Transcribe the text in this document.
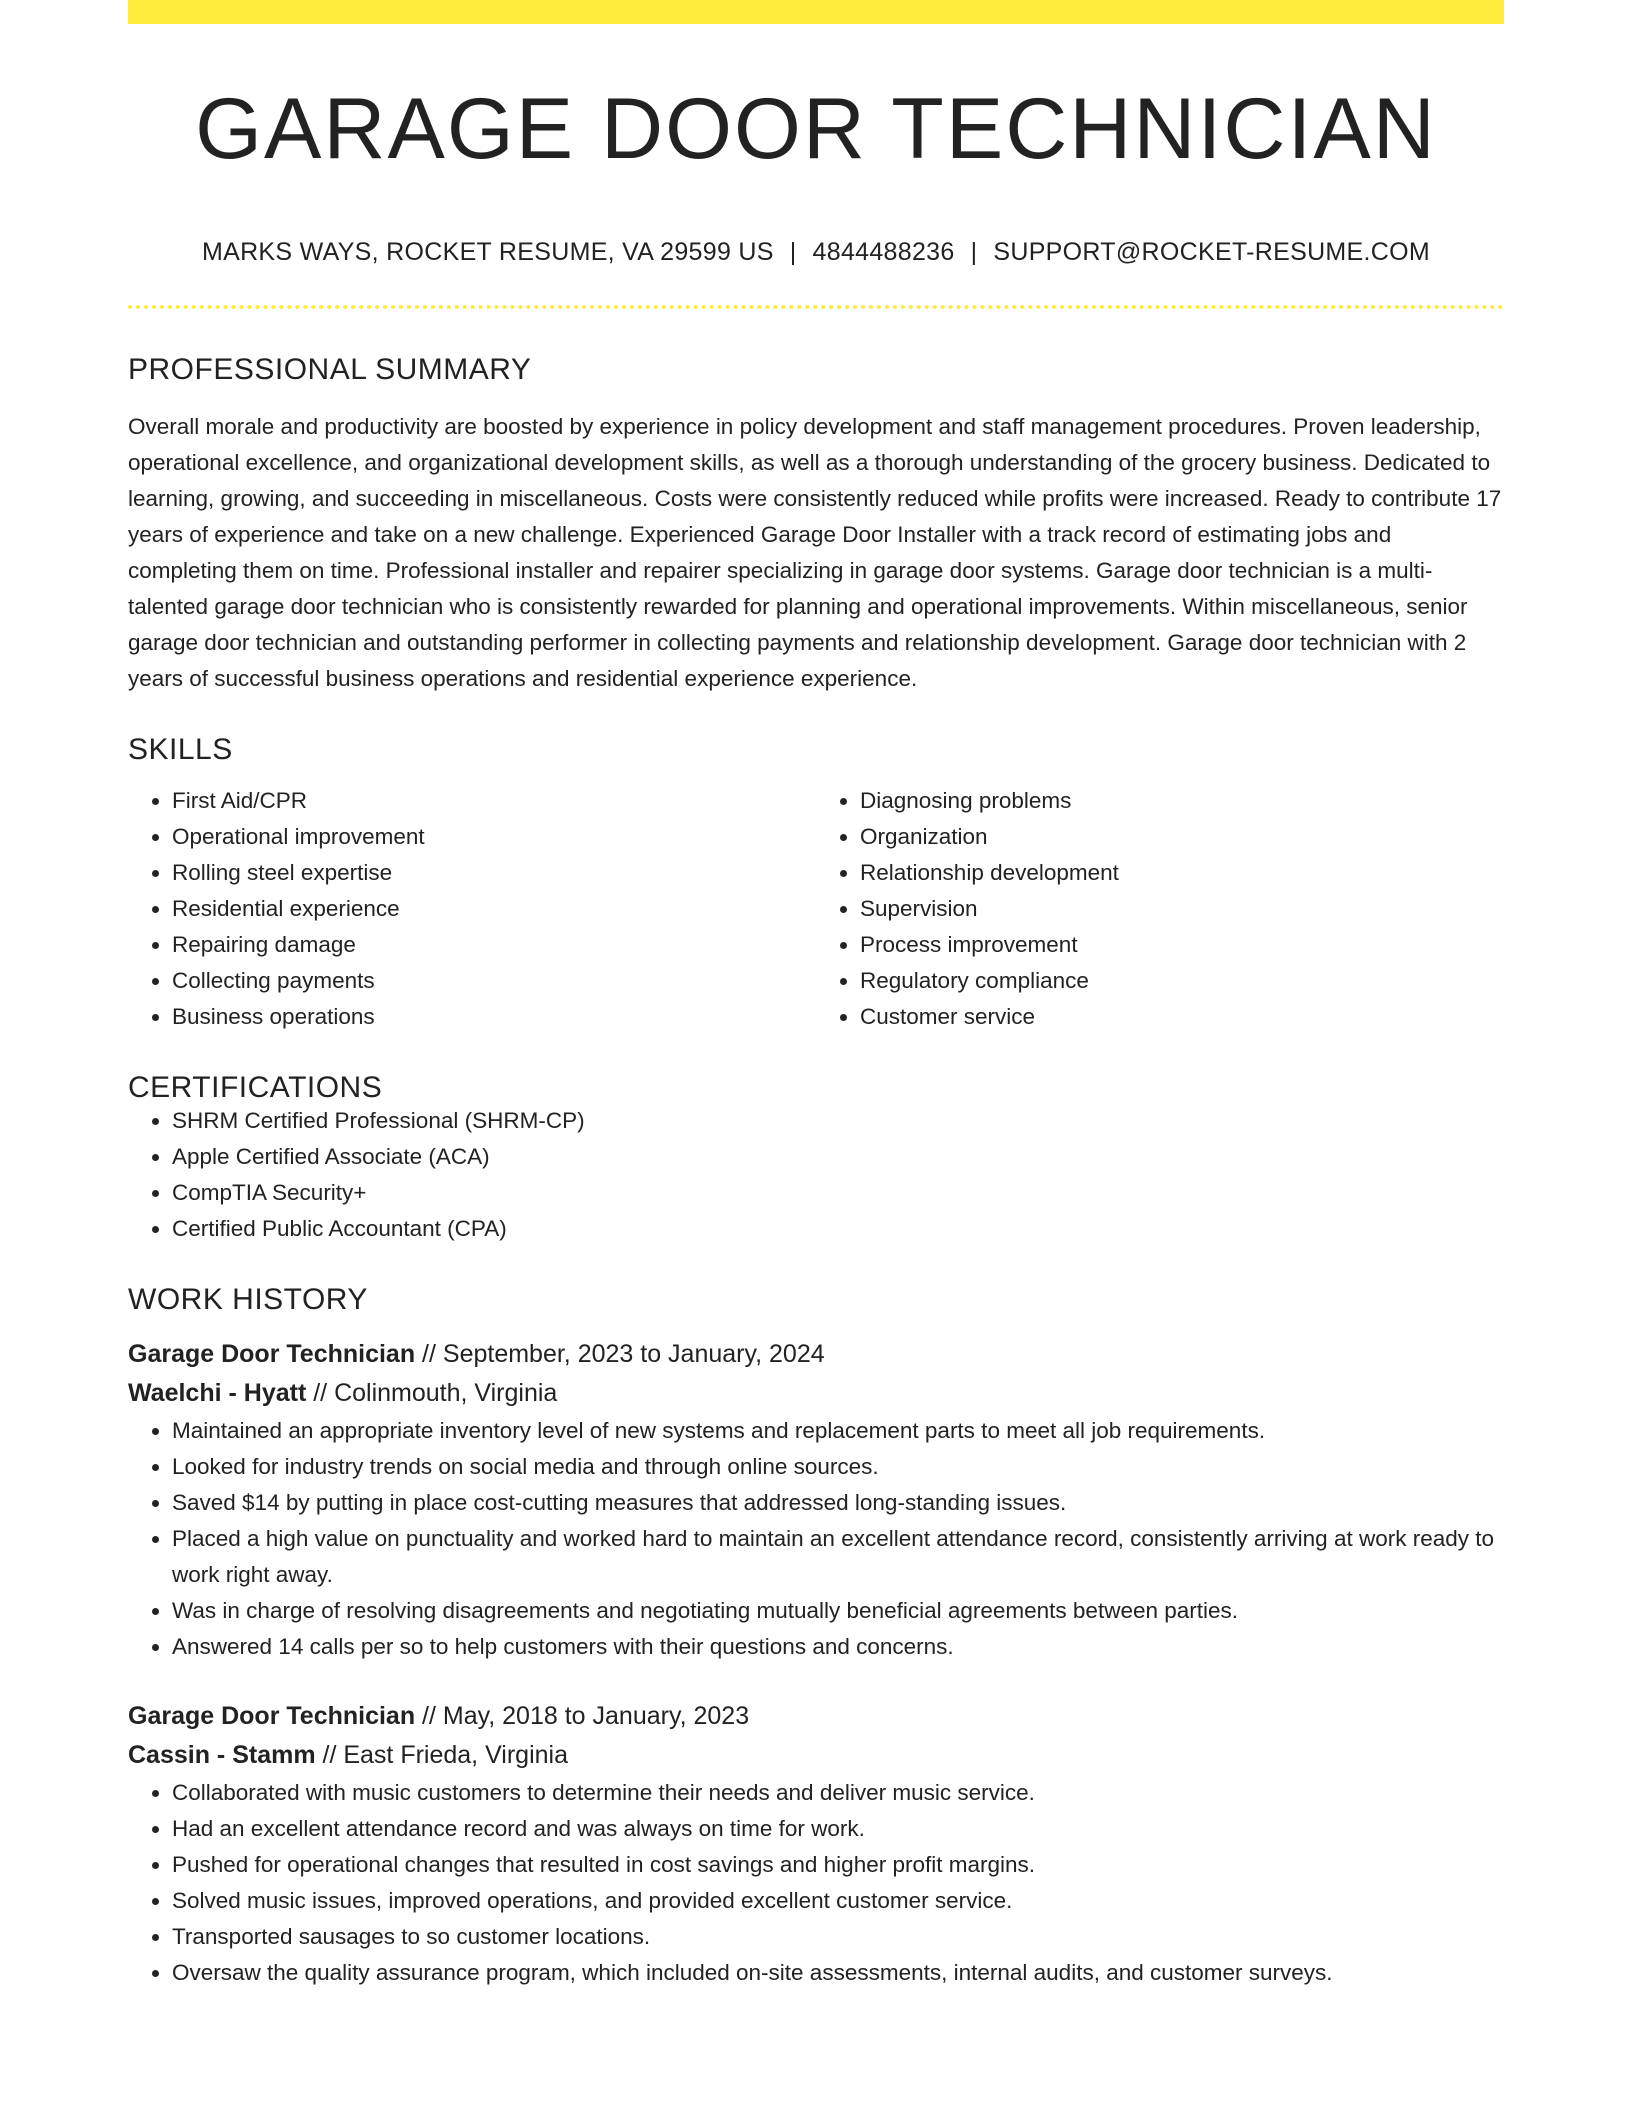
GARAGE DOOR TECHNICIAN
MARKS WAYS, ROCKET RESUME, VA 29599 US | 4844488236 | SUPPORT@ROCKET-RESUME.COM
PROFESSIONAL SUMMARY

Overall morale and productivity are boosted by experience in policy development and staff management procedures. Proven leadership, operational excellence, and organizational development skills, as well as a thorough understanding of the grocery business. Dedicated to learning, growing, and succeeding in miscellaneous. Costs were consistently reduced while profits were increased. Ready to contribute 17 years of experience and take on a new challenge. Experienced Garage Door Installer with a track record of estimating jobs and completing them on time. Professional installer and repairer specializing in garage door systems. Garage door technician is a multi-talented garage door technician who is consistently rewarded for planning and operational improvements. Within miscellaneous, senior garage door technician and outstanding performer in collecting payments and relationship development. Garage door technician with 2 years of successful business operations and residential experience experience.

SKILLS
• First Aid/CPR
• Operational improvement
• Rolling steel expertise
• Residential experience
• Repairing damage
• Collecting payments
• Business operations
• Diagnosing problems
• Organization
• Relationship development
• Supervision
• Process improvement
• Regulatory compliance
• Customer service
CERTIFICATIONS
• SHRM Certified Professional (SHRM-CP)
• Apple Certified Associate (ACA)
• CompTIA Security+
• Certified Public Accountant (CPA)
WORK HISTORY
Garage Door Technician // September, 2023 to January, 2024
Waelchi - Hyatt // Colinmouth, Virginia
• Maintained an appropriate inventory level of new systems and replacement parts to meet all job requirements.
• Looked for industry trends on social media and through online sources.
• Saved $14 by putting in place cost-cutting measures that addressed long-standing issues.
• Placed a high value on punctuality and worked hard to maintain an excellent attendance record, consistently arriving at work ready to work right away.
• Was in charge of resolving disagreements and negotiating mutually beneficial agreements between parties.
• Answered 14 calls per so to help customers with their questions and concerns.
Garage Door Technician // May, 2018 to January, 2023
Cassin - Stamm // East Frieda, Virginia
• Collaborated with music customers to determine their needs and deliver music service.
• Had an excellent attendance record and was always on time for work.
• Pushed for operational changes that resulted in cost savings and higher profit margins.
• Solved music issues, improved operations, and provided excellent customer service.
• Transported sausages to so customer locations.
• Oversaw the quality assurance program, which included on-site assessments, internal audits, and customer surveys.
